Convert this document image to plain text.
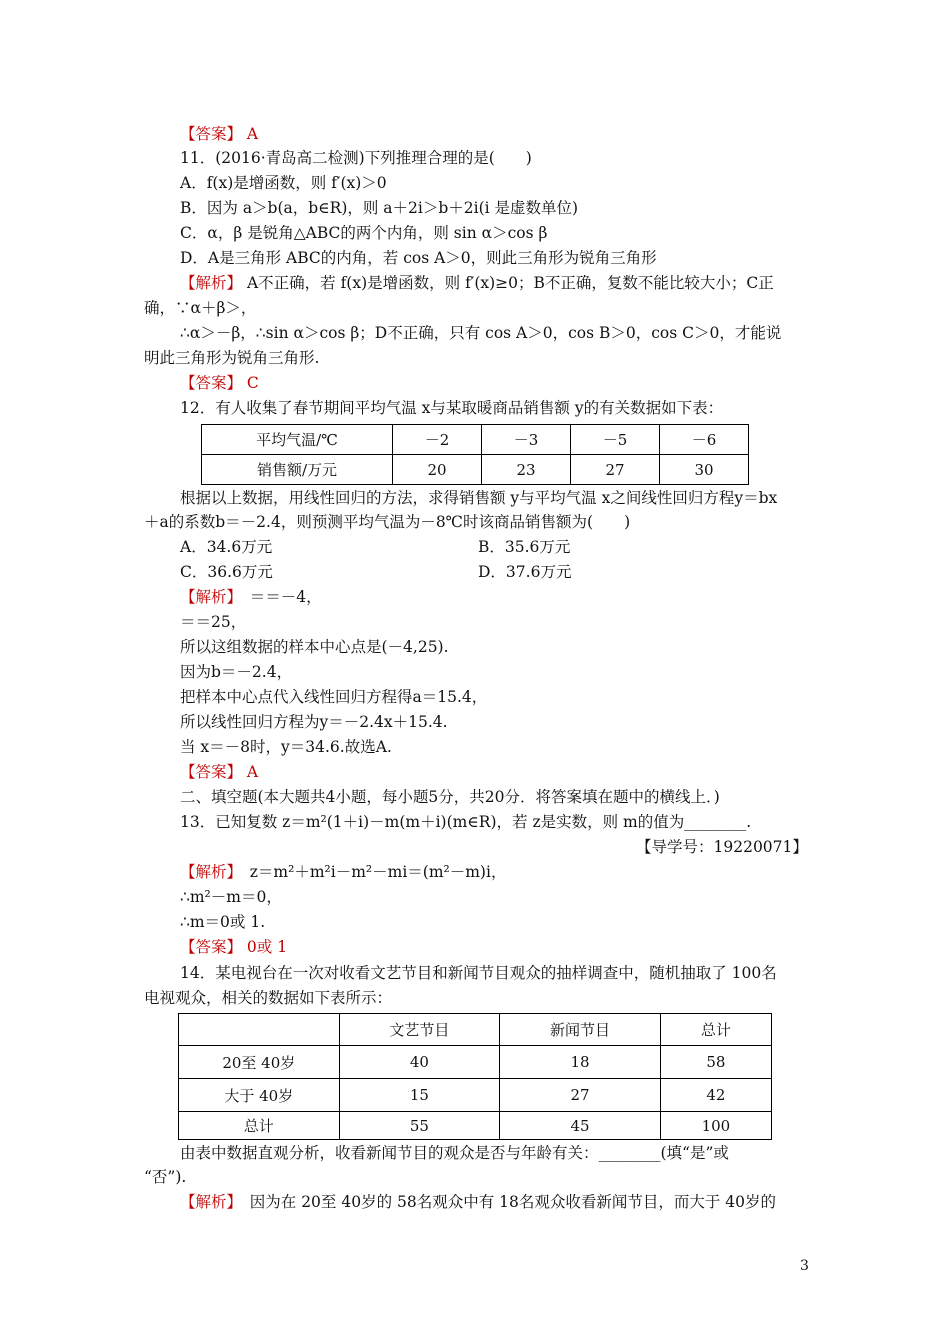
【答案】 A
11．(2016·青岛高二检测)下列推理合理的是(　　)
A．f(x)是增函数，则 f′(x)＞0
B．因为 a＞b(a，b∈R)，则 a＋2i＞b＋2i(i 是虚数单位)
C．α，β 是锐角△ABC的两个内角，则 sin α＞cos β
D．A是三角形 ABC的内角，若 cos A＞0，则此三角形为锐角三角形
【解析】 A不正确，若 f(x)是增函数，则 f′(x)≥0；B不正确，复数不能比较大小；C正
确，∵α＋β＞，
∴α＞－β，∴sin α＞cos β；D不正确，只有 cos A＞0，cos B＞0，cos C＞0，才能说
明此三角形为锐角三角形.
【答案】 C
12．有人收集了春节期间平均气温 x与某取暖商品销售额 y的有关数据如下表：
平均气温/℃	－2	－3	－5	－6
销售额/万元	20	23	27	30
根据以上数据，用线性回归的方法，求得销售额 y与平均气温 x之间线性回归方程y＝bx
＋a的系数b＝－2.4，则预测平均气温为－8℃时该商品销售额为(　　)
A．34.6万元	B．35.6万元
C．36.6万元	D．37.6万元
【解析】　＝＝－4，
＝＝25，
所以这组数据的样本中心点是(－4,25).
因为b＝－2.4，
把样本中心点代入线性回归方程得a＝15.4，
所以线性回归方程为y＝－2.4x＋15.4.
当 x＝－8时，y＝34.6.故选A.
【答案】 A
二、填空题(本大题共4小题，每小题5分，共20分．将答案填在题中的横线上．)
13．已知复数 z＝m²(1＋i)－m(m＋i)(m∈R)，若 z是实数，则 m的值为________.
【导学号：19220071】
【解析】　z＝m²＋m²i－m²－mi＝(m²－m)i，
∴m²－m＝0，
∴m＝0或 1.
【答案】 0或 1
14．某电视台在一次对收看文艺节目和新闻节目观众的抽样调查中，随机抽取了 100名
电视观众，相关的数据如下表所示：
	文艺节目	新闻节目	总计
20至 40岁	40	18	58
大于 40岁	15	27	42
总计	55	45	100
由表中数据直观分析，收看新闻节目的观众是否与年龄有关：________(填“是”或
“否”).
【解析】　因为在 20至 40岁的 58名观众中有 18名观众收看新闻节目，而大于 40岁的
3
